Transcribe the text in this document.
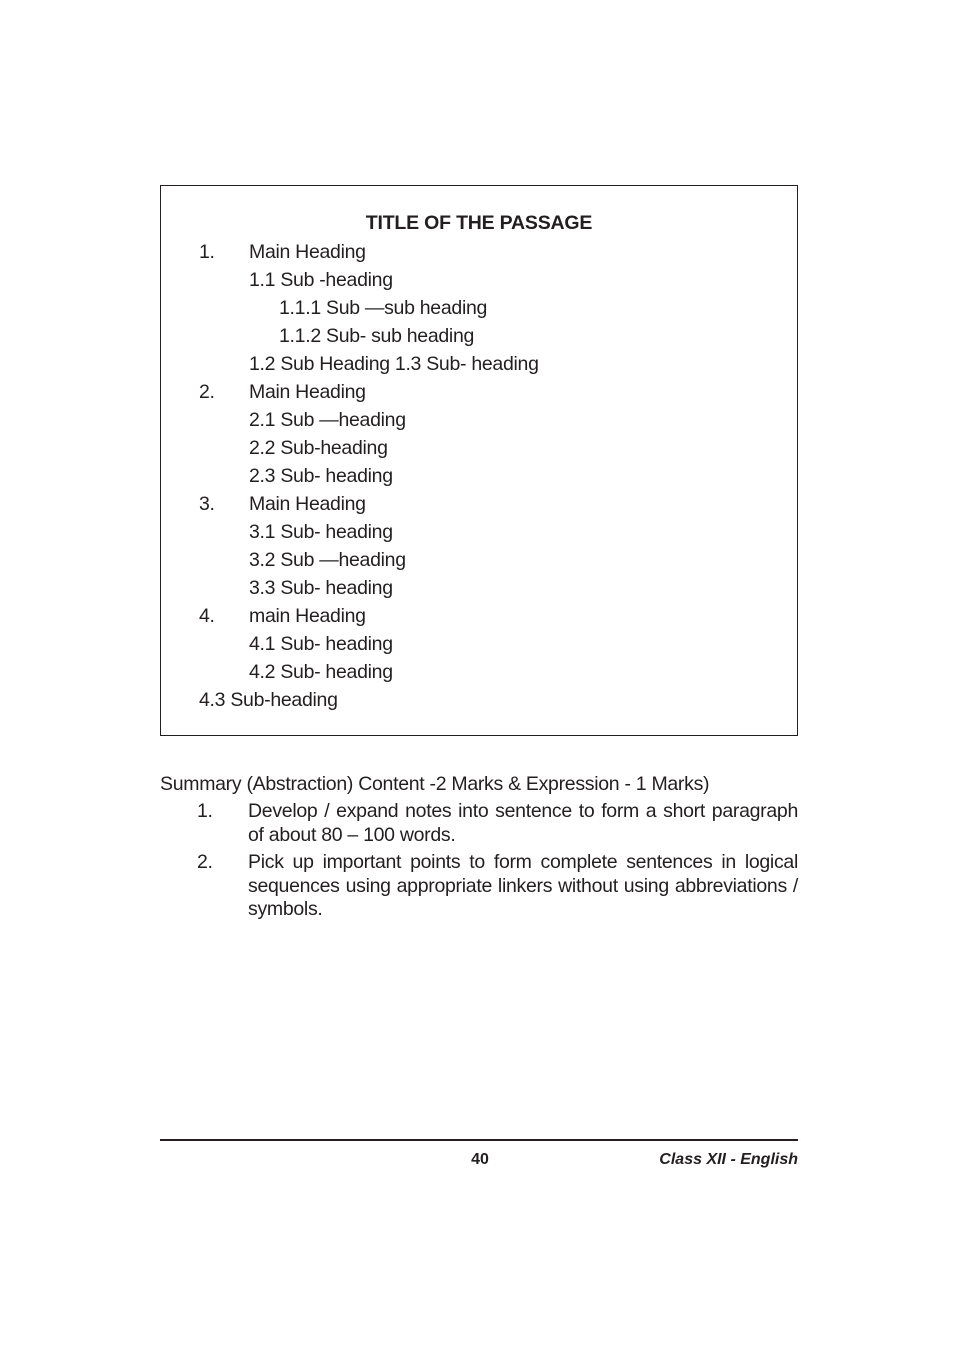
TITLE OF THE PASSAGE
1. Main Heading
1.1 Sub -heading
1.1.1 Sub —sub heading
1.1.2 Sub- sub heading
1.2 Sub Heading 1.3 Sub- heading
2. Main Heading
2.1 Sub —heading
2.2 Sub-heading
2.3 Sub- heading
3. Main Heading
3.1 Sub- heading
3.2 Sub —heading
3.3 Sub- heading
4. main Heading
4.1 Sub- heading
4.2 Sub- heading
4.3 Sub-heading
Summary (Abstraction) Content -2 Marks & Expression - 1 Marks)
1. Develop / expand notes into sentence to form a short paragraph of about 80 – 100 words.
2. Pick up important points to form complete sentences in logical sequences using appropriate linkers without using abbreviations / symbols.
40	Class XII - English
